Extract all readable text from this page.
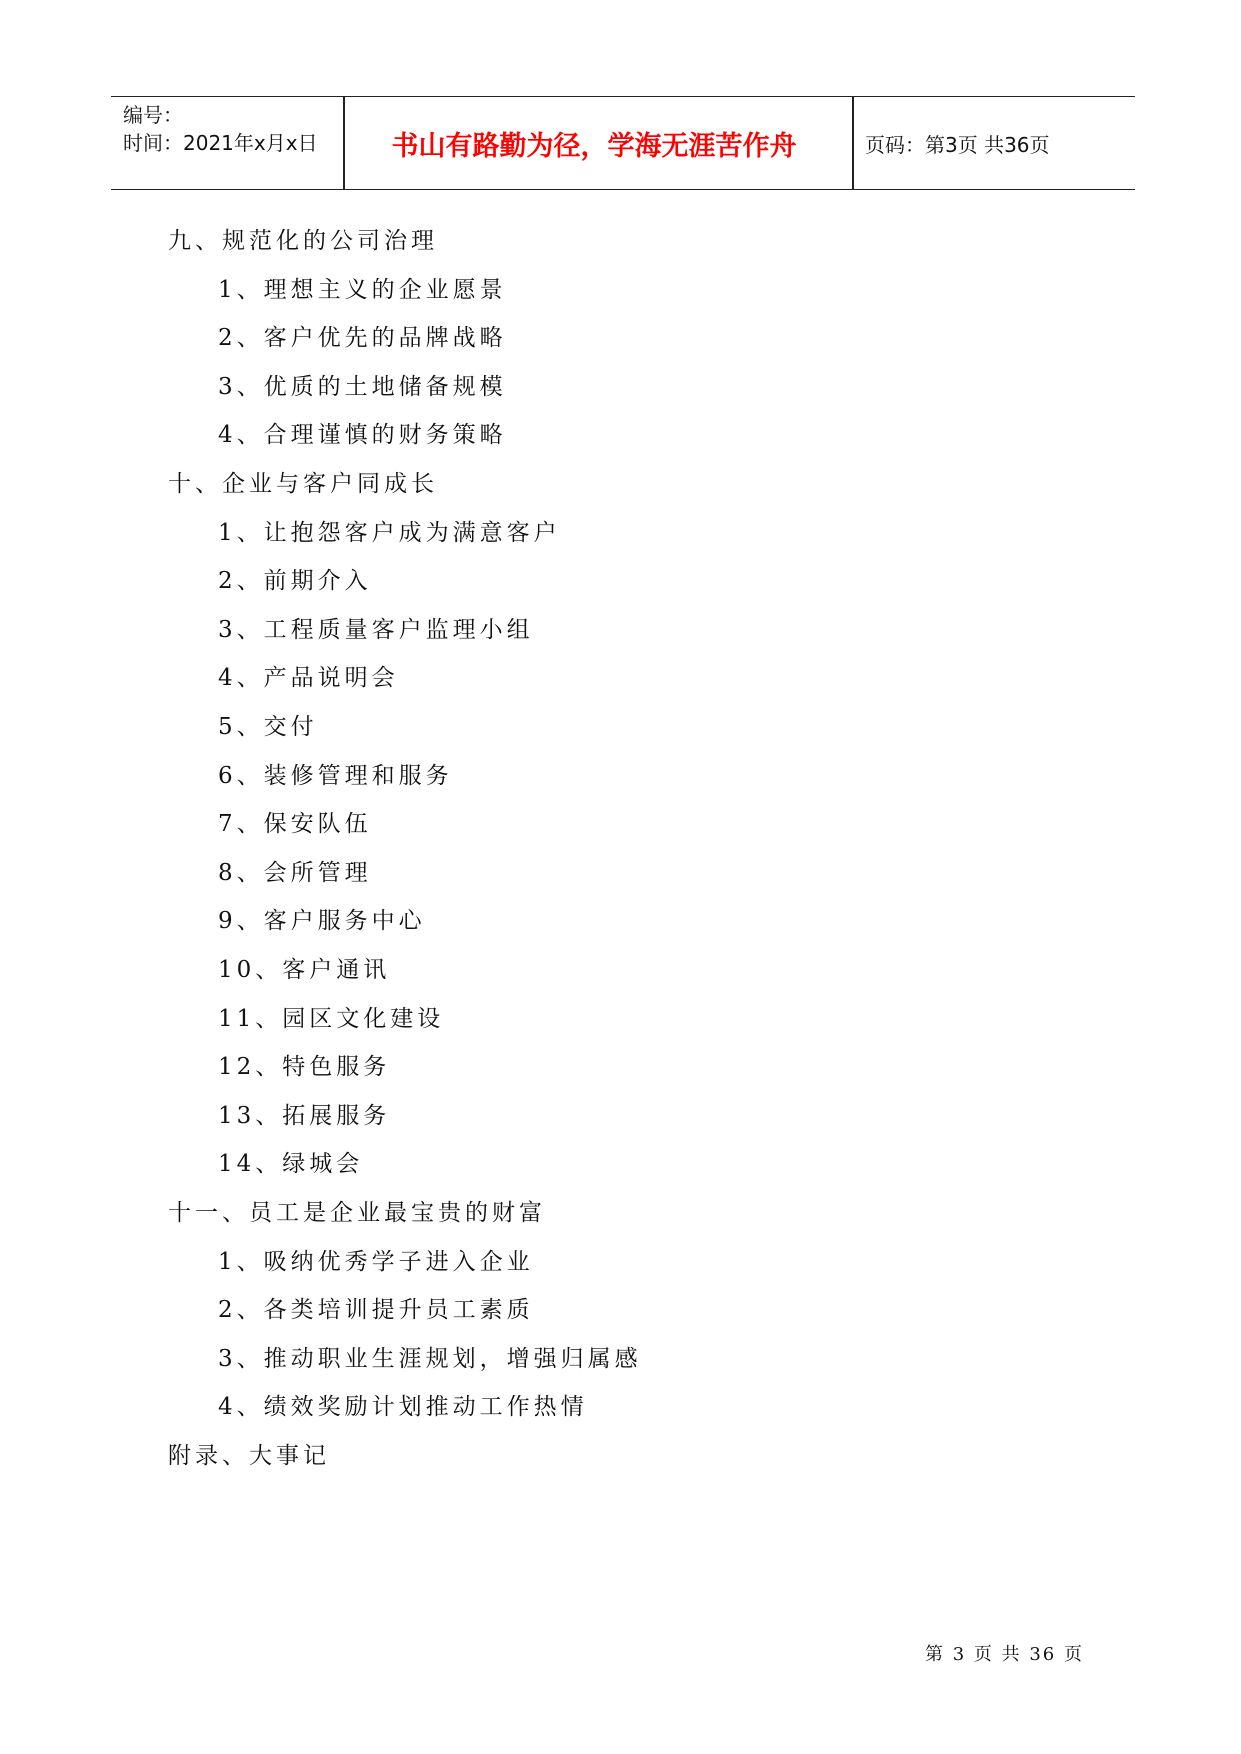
编号：
时间：2021年x月x日	书山有路勤为径，学海无涯苦作舟	页码：第3页 共36页
九、规范化的公司治理
1、理想主义的企业愿景
2、客户优先的品牌战略
3、优质的土地储备规模
4、合理谨慎的财务策略
十、企业与客户同成长
1、让抱怨客户成为满意客户
2、前期介入
3、工程质量客户监理小组
4、产品说明会
5、交付
6、装修管理和服务
7、保安队伍
8、会所管理
9、客户服务中心
10、客户通讯
11、园区文化建设
12、特色服务
13、拓展服务
14、绿城会
十一、员工是企业最宝贵的财富
1、吸纳优秀学子进入企业
2、各类培训提升员工素质
3、推动职业生涯规划，增强归属感
4、绩效奖励计划推动工作热情
附录、大事记
第 3 页 共 36 页
